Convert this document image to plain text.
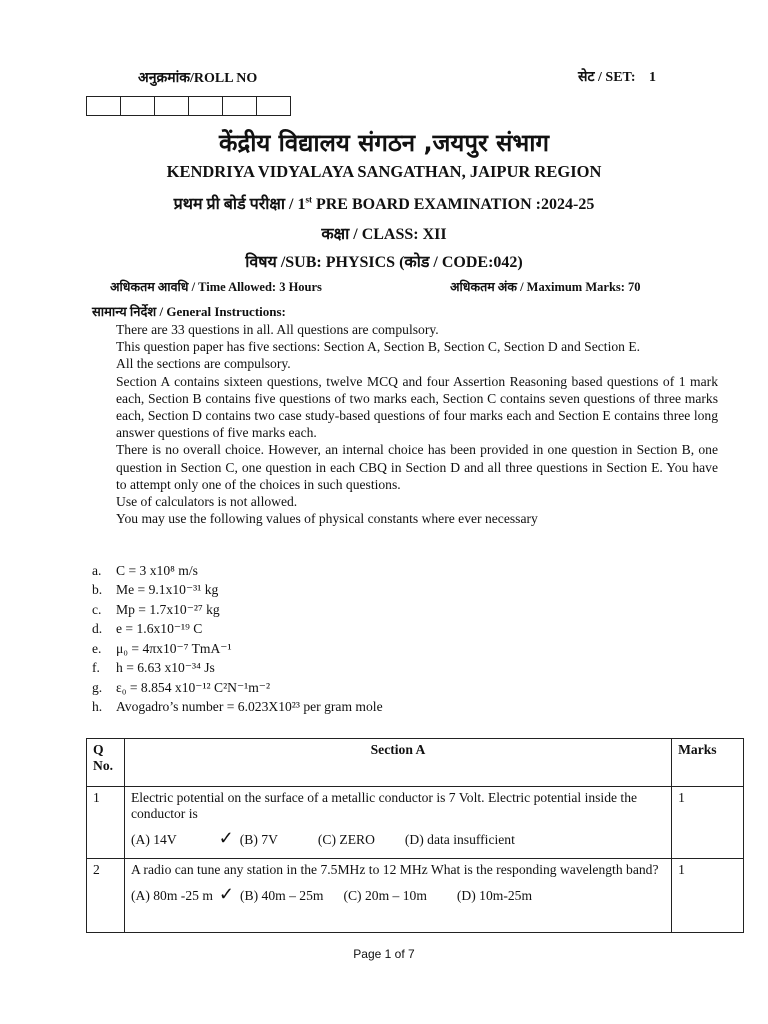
अनुक्रमांक/ROLL NO	सेट / SET: 1
केंद्रीय विद्यालय संगठन ,जयपुर संभाग
KENDRIYA VIDYALAYA SANGATHAN, JAIPUR REGION
प्रथम प्री बोर्ड परीक्षा / 1st PRE BOARD EXAMINATION :2024-25
कक्षा / CLASS: XII
विषय /SUB: PHYSICS (कोड / CODE:042)
अधिकतम आवधि / Time Allowed: 3 Hours	अधिकतम अंक / Maximum Marks: 70
सामान्य निर्देश / General Instructions:

There are 33 questions in all. All questions are compulsory.

This question paper has five sections: Section A, Section B, Section C, Section D and Section E.

All the sections are compulsory.

Section A contains sixteen questions, twelve MCQ and four Assertion Reasoning based questions of 1 mark each, Section B contains five questions of two marks each, Section C contains seven questions of three marks each, Section D contains two case study-based questions of four marks each and Section E contains three long answer questions of five marks each.

There is no overall choice. However, an internal choice has been provided in one question in Section B, one question in Section C, one question in each CBQ in Section D and all three questions in Section E. You have to attempt only one of the choices in such questions.

Use of calculators is not allowed.

You may use the following values of physical constants where ever necessary

a.	C = 3 x10⁸ m/s
b.	Me = 9.1x10⁻³¹ kg
c.	Mp = 1.7x10⁻²⁷ kg
d.	e = 1.6x10⁻¹⁹ C
e.	μ₀ = 4πx10⁻⁷ TmA⁻¹
f.	h = 6.63 x10⁻³⁴ Js
g.	ε₀ = 8.854 x10⁻¹² C²N⁻¹m⁻²
h.	Avogadro’s number = 6.023X10²³ per gram mole
Q No.	Section A	Marks
1	Electric potential on the surface of a metallic conductor is 7 Volt. Electric potential inside the conductor is
(A) 14V ✓ (B) 7V (C) ZERO (D) data insufficient	1
2	A radio can tune any station in the 7.5MHz to 12 MHz What is the responding wavelength band?
(A) 80m -25 m ✓ (B) 40m – 25m (C) 20m – 10m (D) 10m-25m	1
Page 1 of 7
